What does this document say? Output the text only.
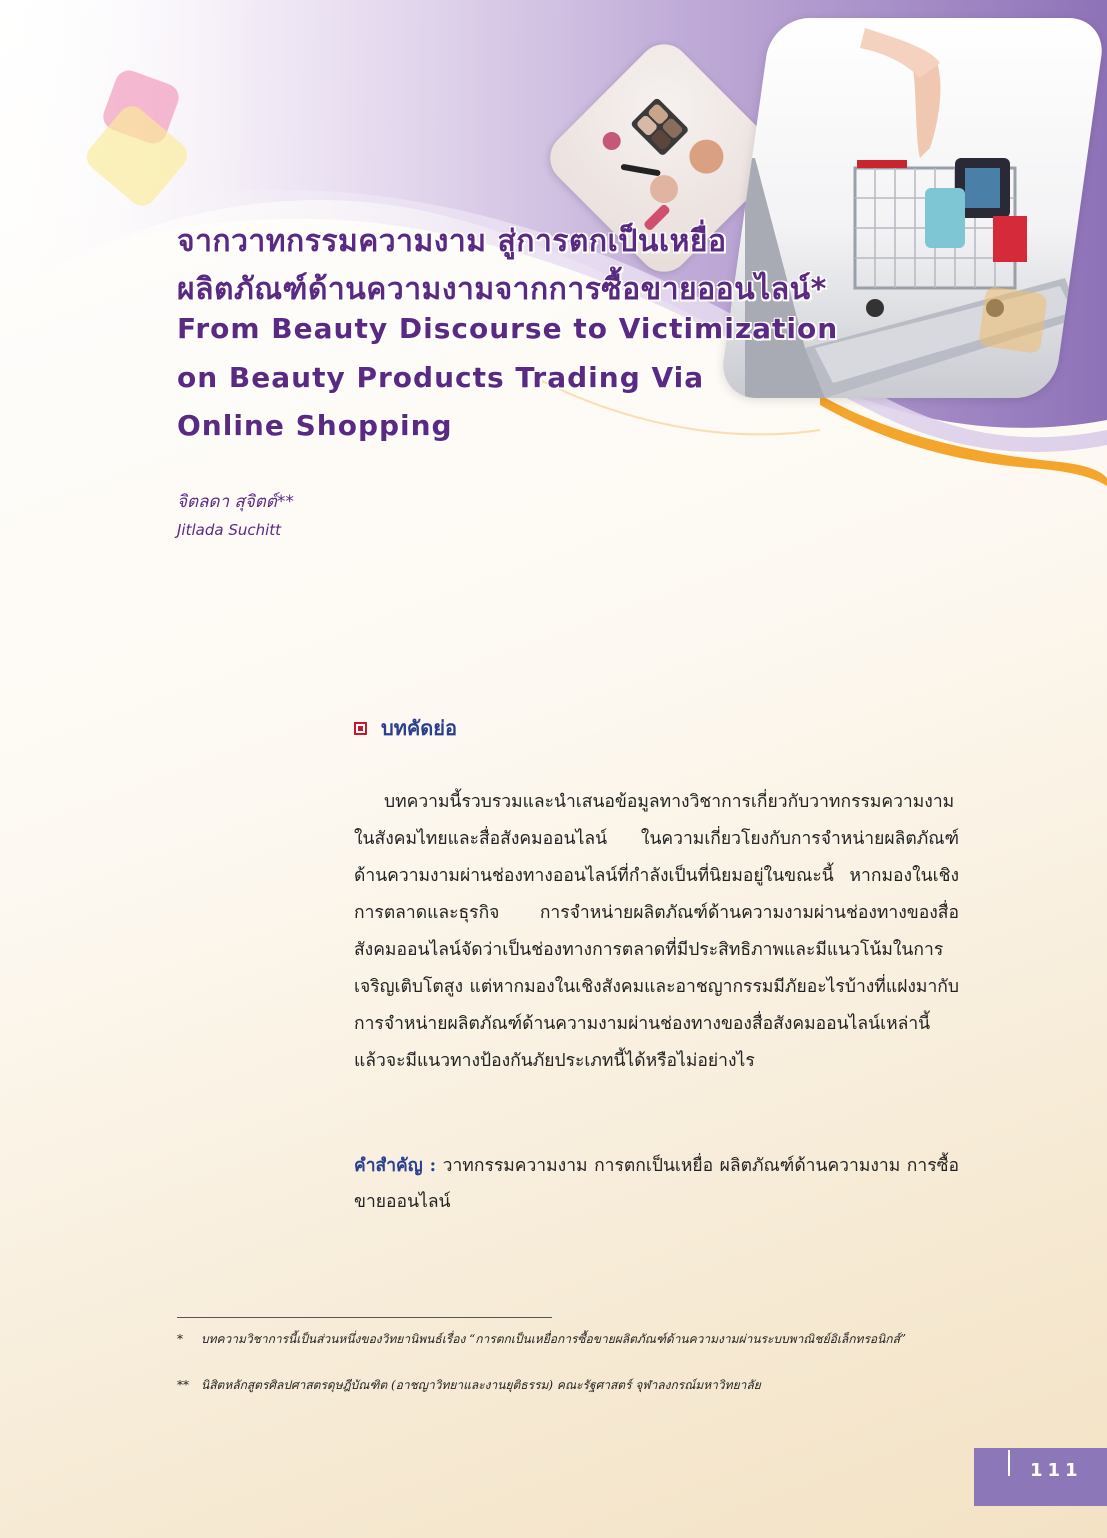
จากวาทกรรมความงาม สู่การตกเป็นเหยื่อ
ผลิตภัณฑ์ด้านความงามจากการซื้อขายออนไลน์*
From Beauty Discourse to Victimization
on Beauty Products Trading Via
Online Shopping
จิตลดา สุจิตต์**
Jitlada Suchitt
บทคัดย่อ

บทความนี้รวบรวมและนำเสนอข้อมูลทางวิชาการเกี่ยวกับวาทกรรมความงามในสังคมไทยและสื่อสังคมออนไลน์ ในความเกี่ยวโยงกับการจำหน่ายผลิตภัณฑ์ด้านความงามผ่านช่องทางออนไลน์ที่กำลังเป็นที่นิยมอยู่ในขณะนี้ หากมองในเชิงการตลาดและธุรกิจ การจำหน่ายผลิตภัณฑ์ด้านความงามผ่านช่องทางของสื่อสังคมออนไลน์จัดว่าเป็นช่องทางการตลาดที่มีประสิทธิภาพและมีแนวโน้มในการเจริญเติบโตสูง แต่หากมองในเชิงสังคมและอาชญากรรมมีภัยอะไรบ้างที่แฝงมากับการจำหน่ายผลิตภัณฑ์ด้านความงามผ่านช่องทางของสื่อสังคมออนไลน์เหล่านี้ แล้วจะมีแนวทางป้องกันภัยประเภทนี้ได้หรือไม่อย่างไร

คำสำคัญ : วาทกรรมความงาม การตกเป็นเหยื่อ ผลิตภัณฑ์ด้านความงาม การซื้อขายออนไลน์

*	บทความวิชาการนี้เป็นส่วนหนึ่งของวิทยานิพนธ์เรื่อง “การตกเป็นเหยื่อการซื้อขายผลิตภัณฑ์ด้านความงามผ่านระบบพาณิชย์อิเล็กทรอนิกส์”
**	นิสิตหลักสูตรศิลปศาสตรดุษฎีบัณฑิต (อาชญาวิทยาและงานยุติธรรม) คณะรัฐศาสตร์ จุฬาลงกรณ์มหาวิทยาลัย
111
